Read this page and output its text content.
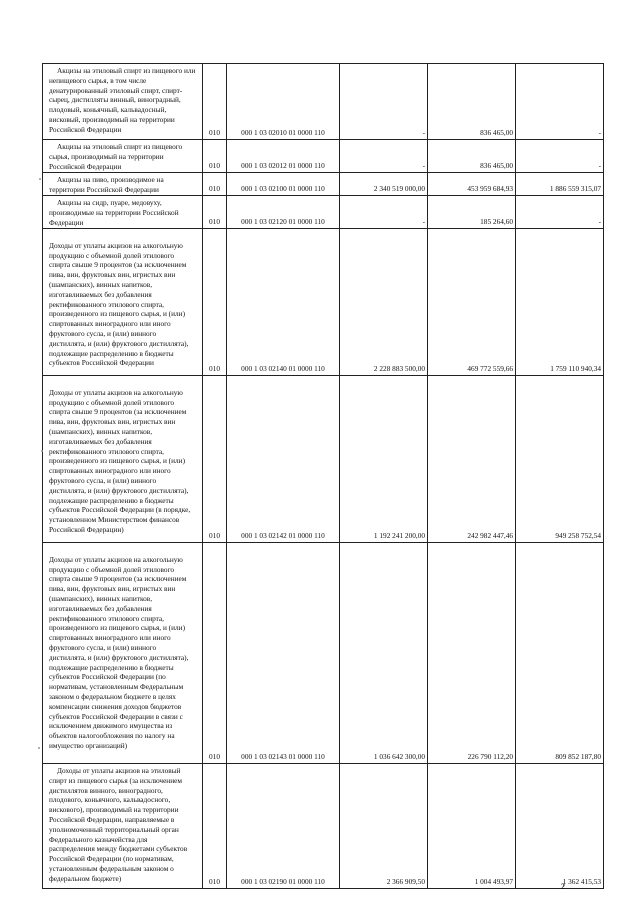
Акцизы на этиловый спирт из пищевого или
непищевого сырья, в том числе
денатурированный этиловый спирт, спирт-
сырец, дистилляты винный, виноградный,
плодовый, коньячный, кальвадосный,
висковый, производимый на территории
Российской Федерации	010	000 1 03 02010 01 0000 110	-	836 465,00	-
Акцизы на этиловый спирт из пищевого
сырья, производимый на территории
Российской Федерации	010	000 1 03 02012 01 0000 110	-	836 465,00	-
Акцизы на пиво, производимое на
территории Российской Федерации	010	000 1 03 02100 01 0000 110	2 340 519 000,00	453 959 684,93	1 886 559 315,07
Акцизы на сидр, пуаре, медовуху,
производимые на территории Российской
Федерации	010	000 1 03 02120 01 0000 110	-	185 264,60	-

Доходы от уплаты акцизов на алкогольную
продукцию с объемной долей этилового
спирта свыше 9 процентов (за исключением
пива, вин, фруктовых вин, игристых вин
(шампанских), винных напитков,
изготавливаемых без добавления
ректификованного этилового спирта,
произведенного из пищевого сырья, и (или)
спиртованных виноградного или иного
фруктового сусла, и (или) винного
дистиллята, и (или) фруктового дистиллята),
подлежащие распределению в бюджеты
субъектов Российской Федерации
010	000 1 03 02140 01 0000 110	2 228 883 500,00	469 772 559,66	1 759 110 940,34

Доходы от уплаты акцизов на алкогольную
продукцию с объемной долей этилового
спирта свыше 9 процентов (за исключением
пива, вин, фруктовых вин, игристых вин
(шампанских), винных напитков,
изготавливаемых без добавления
ректификованного этилового спирта,
произведенного из пищевого сырья, и (или)
спиртованных виноградного или иного
фруктового сусла, и (или) винного
дистиллята, и (или) фруктового дистиллята),
подлежащие распределению в бюджеты
субъектов Российской Федерации (в порядке,
установленном Министерством финансов
Российской Федерации)
010	000 1 03 02142 01 0000 110	1 192 241 200,00	242 982 447,46	949 258 752,54

Доходы от уплаты акцизов на алкогольную
продукцию с объемной долей этилового
спирта свыше 9 процентов (за исключением
пива, вин, фруктовых вин, игристых вин
(шампанских), винных напитков,
изготавливаемых без добавления
ректификованного этилового спирта,
произведенного из пищевого сырья, и (или)
спиртованных виноградного или иного
фруктового сусла, и (или) винного
дистиллята, и (или) фруктового дистиллята),
подлежащие распределению в бюджеты
субъектов Российской Федерации (по
нормативам, установленным Федеральным
законом о федеральном бюджете в целях
компенсации снижения доходов бюджетов
субъектов Российской Федерации в связи с
исключением движимого имущества из
объектов налогообложения по налогу на
имущество организаций)
010	000 1 03 02143 01 0000 110	1 036 642 300,00	226 790 112,20	809 852 187,80
Доходы от уплаты акцизов на этиловый
спирт из пищевого сырья (за исключением
дистиллятов винного, виноградного,
плодового, коньячного, кальвадосного,
вискового), производимый на территории
Российской Федерации, направляемые в
уполномоченный территориальный орган
Федерального казначейства для
распределения между бюджетами субъектов
Российской Федерации (по нормативам,
установленным федеральным законом о
федеральном бюджете)	010	000 1 03 02190 01 0000 110	2 366 909,50	1 004 493,97	1 362 415,53
2
